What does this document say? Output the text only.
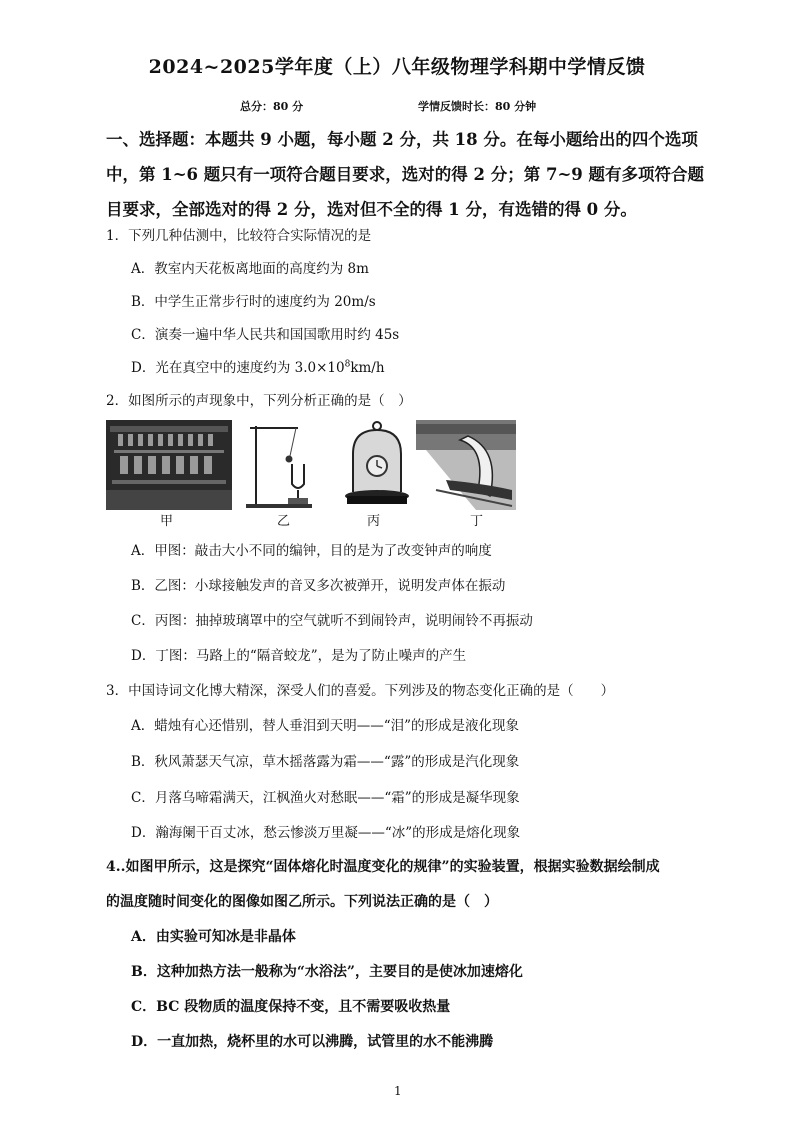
2024~2025学年度（上）八年级物理学科期中学情反馈
总分：80 分	学情反馈时长：80 分钟
一、选择题：本题共 9 小题，每小题 2 分，共 18 分。在每小题给出的四个选项中，第 1~6 题只有一项符合题目要求，选对的得 2 分；第 7~9 题有多项符合题目要求，全部选对的得 2 分，选对但不全的得 1 分，有选错的得 0 分。
1．下列几种估测中，比较符合实际情况的是
A．教室内天花板离地面的高度约为 8m
B．中学生正常步行时的速度约为 20m/s
C．演奏一遍中华人民共和国国歌用时约 45s
D．光在真空中的速度约为 $3.0\times 10^8km/h$
2．如图所示的声现象中，下列分析正确的是（　）
甲	乙	丙	丁
A．甲图：敲击大小不同的编钟，目的是为了改变钟声的响度
B．乙图：小球接触发声的音叉多次被弹开，说明发声体在振动
C．丙图：抽掉玻璃罩中的空气就听不到闹铃声，说明闹铃不再振动
D．丁图：马路上的“隔音蛟龙”，是为了防止噪声的产生
3．中国诗词文化博大精深，深受人们的喜爱。下列涉及的物态变化正确的是（　　）
A．蜡烛有心还惜别，替人垂泪到天明——“泪”的形成是液化现象
B．秋风萧瑟天气凉，草木摇落露为霜——“露”的形成是汽化现象
C．月落乌啼霜满天，江枫渔火对愁眠——“霜”的形成是凝华现象
D．瀚海阑干百丈冰，愁云惨淡万里凝——“冰”的形成是熔化现象
4..如图甲所示，这是探究“固体熔化时温度变化的规律”的实验装置，根据实验数据绘制成
的温度随时间变化的图像如图乙所示。下列说法正确的是（　）
A．由实验可知冰是非晶体
B．这种加热方法一般称为“水浴法”，主要目的是使冰加速熔化
C．BC 段物质的温度保持不变，且不需要吸收热量
D．一直加热，烧杯里的水可以沸腾，试管里的水不能沸腾
1
